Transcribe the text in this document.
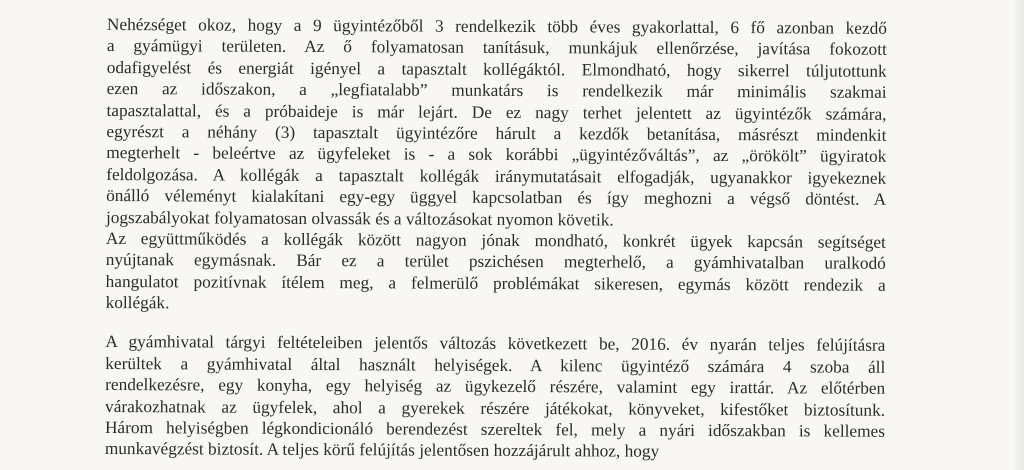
Nehézséget okoz, hogy a 9 ügyintézőből 3 rendelkezik több éves gyakorlattal, 6 fő azonban kezdő
a gyámügyi területen. Az ő folyamatosan tanításuk, munkájuk ellenőrzése, javítása fokozott
odafigyelést és energiát igényel a tapasztalt kollégáktól. Elmondható, hogy sikerrel túljutottunk
ezen az időszakon, a „legfiatalabb” munkatárs is rendelkezik már minimális szakmai
tapasztalattal, és a próbaideje is már lejárt. De ez nagy terhet jelentett az ügyintézők számára,
egyrészt a néhány (3) tapasztalt ügyintézőre hárult a kezdők betanítása, másrészt mindenkit
megterhelt - beleértve az ügyfeleket is - a sok korábbi „ügyintézőváltás”, az „örökölt” ügyiratok
feldolgozása. A kollégák a tapasztalt kollégák iránymutatásait elfogadják, ugyanakkor igyekeznek
önálló véleményt kialakítani egy-egy üggyel kapcsolatban és így meghozni a végső döntést. A
jogszabályokat folyamatosan olvassák és a változásokat nyomon követik.
Az együttműködés a kollégák között nagyon jónak mondható, konkrét ügyek kapcsán segítséget
nyújtanak egymásnak. Bár ez a terület pszichésen megterhelő, a gyámhivatalban uralkodó
hangulatot pozitívnak ítélem meg, a felmerülő problémákat sikeresen, egymás között rendezik a
kollégák.
A gyámhivatal tárgyi feltételeiben jelentős változás következett be, 2016. év nyarán teljes felújításra
kerültek a gyámhivatal által használt helyiségek. A kilenc ügyintéző számára 4 szoba áll
rendelkezésre, egy konyha, egy helyiség az ügykezelő részére, valamint egy irattár. Az előtérben
várakozhatnak az ügyfelek, ahol a gyerekek részére játékokat, könyveket, kifestőket biztosítunk.
Három helyiségben légkondicionáló berendezést szereltek fel, mely a nyári időszakban is kellemes
munkavégzést biztosít. A teljes körű felújítás jelentősen hozzájárult ahhoz, hogy
